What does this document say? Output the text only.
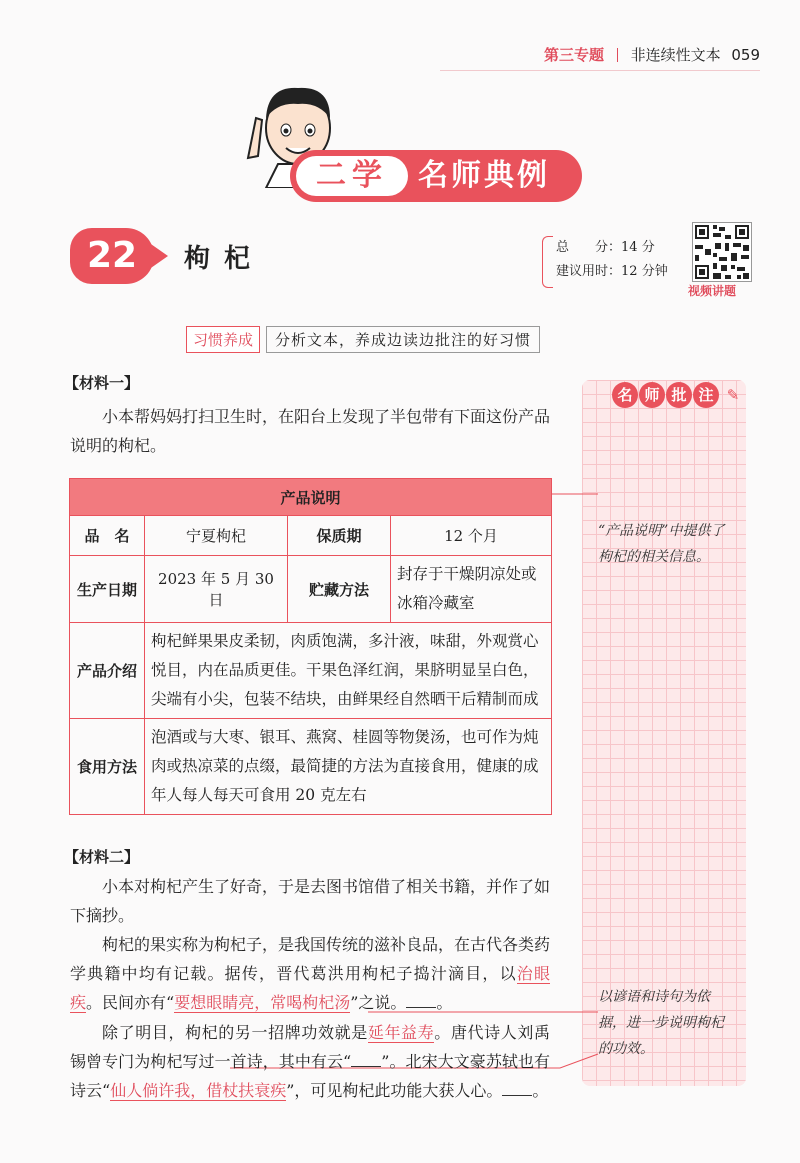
第三专题 非连续性文本 059
二学	名师典例
22	枸杞	总　　分：14 分
建议用时：12 分钟
视频讲题
习惯养成 分析文本，养成边读边批注的好习惯
名 师 批 注 ✎
“产品说明”中提供了枸杞的相关信息。
以谚语和诗句为依据，进一步说明枸杞的功效。
【材料一】
小本帮妈妈打扫卫生时，在阳台上发现了半包带有下面这份产品说明的枸杞。
产品说明			
品　名	宁夏枸杞	保质期	12 个月
生产日期	2023 年 5 月 30 日	贮藏方法	封存于干燥阴凉处或冰箱冷藏室
产品介绍	枸杞鲜果果皮柔韧，肉质饱满，多汁液，味甜，外观赏心悦目，内在品质更佳。干果色泽红润，果脐明显呈白色，尖端有小尖，包装不结块，由鲜果经自然晒干后精制而成		
食用方法	泡酒或与大枣、银耳、燕窝、桂圆等物煲汤，也可作为炖肉或热凉菜的点缀，最简捷的方法为直接食用，健康的成年人每人每天可食用 20 克左右		
【材料二】
小本对枸杞产生了好奇，于是去图书馆借了相关书籍，并作了如下摘抄。
枸杞的果实称为枸杞子，是我国传统的滋补良品，在古代各类药学典籍中均有记载。据传，晋代葛洪用枸杞子捣汁滴目，以治眼疾。民间亦有“要想眼睛亮，常喝枸杞汤”之说。 。
除了明目，枸杞的另一招牌功效就是延年益寿。唐代诗人刘禹锡曾专门为枸杞写过一首诗，其中有云“ ”。北宋大文豪苏轼也有诗云“仙人倘许我，借杖扶衰疾”，可见枸杞此功能大获人心。 。
